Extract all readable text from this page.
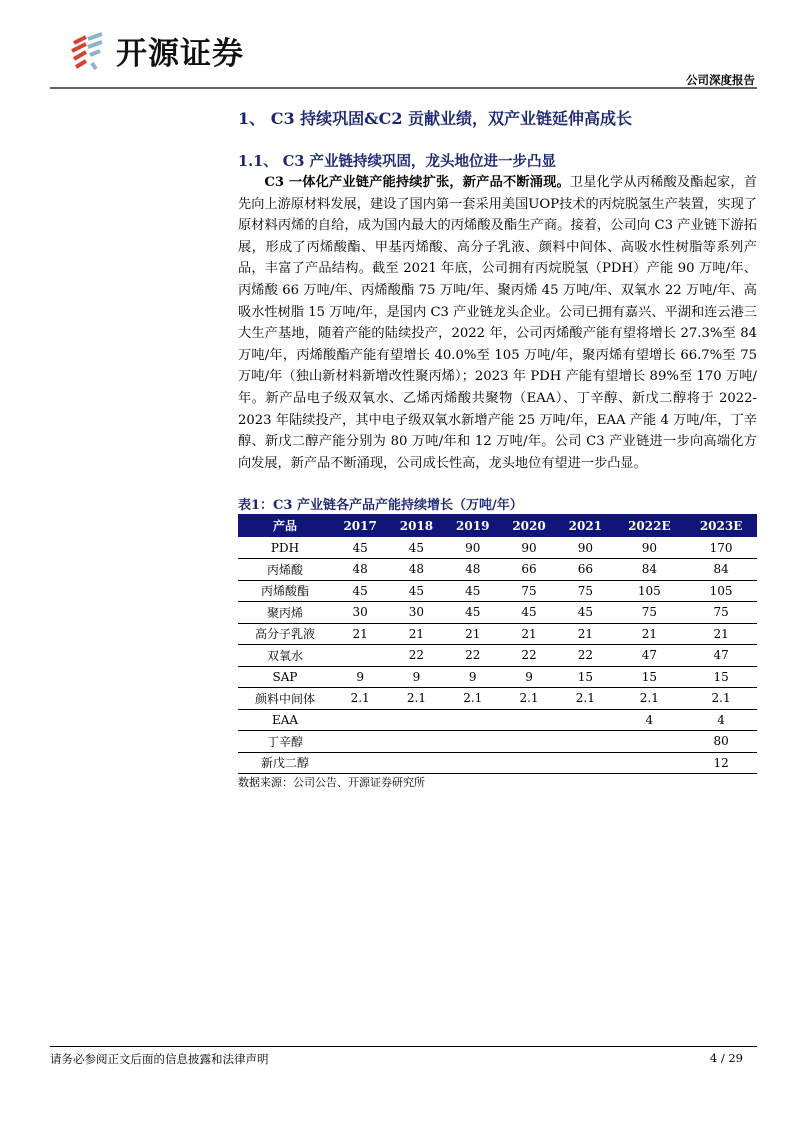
开源证券
公司深度报告
1、 C3 持续巩固&C2 贡献业绩，双产业链延伸高成长
1.1、 C3 产业链持续巩固，龙头地位进一步凸显

C3 一体化产业链产能持续扩张，新产品不断涌现。卫星化学从丙稀酸及酯起家，首先向上游原材料发展，建设了国内第一套采用美国UOP技术的丙烷脱氢生产装置，实现了原材料丙烯的自给，成为国内最大的丙烯酸及酯生产商。接着，公司向 C3 产业链下游拓展，形成了丙烯酸酯、甲基丙烯酸、高分子乳液、颜料中间体、高吸水性树脂等系列产品，丰富了产品结构。截至 2021 年底，公司拥有丙烷脱氢（PDH）产能 90 万吨/年、丙烯酸 66 万吨/年、丙烯酸酯 75 万吨/年、聚丙烯 45 万吨/年、双氧水 22 万吨/年、高吸水性树脂 15 万吨/年，是国内 C3 产业链龙头企业。公司已拥有嘉兴、平湖和连云港三大生产基地，随着产能的陆续投产，2022 年，公司丙烯酸产能有望将增长 27.3%至 84 万吨/年，丙烯酸酯产能有望增长 40.0%至 105 万吨/年，聚丙烯有望增长 66.7%至 75 万吨/年（独山新材料新增改性聚丙烯）；2023 年 PDH 产能有望增长 89%至 170 万吨/年。新产品电子级双氧水、乙烯丙烯酸共聚物（EAA）、丁辛醇、新戊二醇将于 2022-2023 年陆续投产，其中电子级双氧水新增产能 25 万吨/年，EAA 产能 4 万吨/年，丁辛醇、新戊二醇产能分别为 80 万吨/年和 12 万吨/年。公司 C3 产业链进一步向高端化方向发展，新产品不断涌现，公司成长性高，龙头地位有望进一步凸显。

表1：C3 产业链各产品产能持续增长（万吨/年）
产品	2017	2018	2019	2020	2021	2022E	2023E
PDH	45	45	90	90	90	90	170
丙烯酸	48	48	48	66	66	84	84
丙烯酸酯	45	45	45	75	75	105	105
聚丙烯	30	30	45	45	45	75	75
高分子乳液	21	21	21	21	21	21	21
双氧水		22	22	22	22	47	47
SAP	9	9	9	9	15	15	15
颜料中间体	2.1	2.1	2.1	2.1	2.1	2.1	2.1
EAA						4	4
丁辛醇							80
新戊二醇							12
数据来源：公司公告、开源证券研究所
请务必参阅正文后面的信息披露和法律声明	4 / 29
